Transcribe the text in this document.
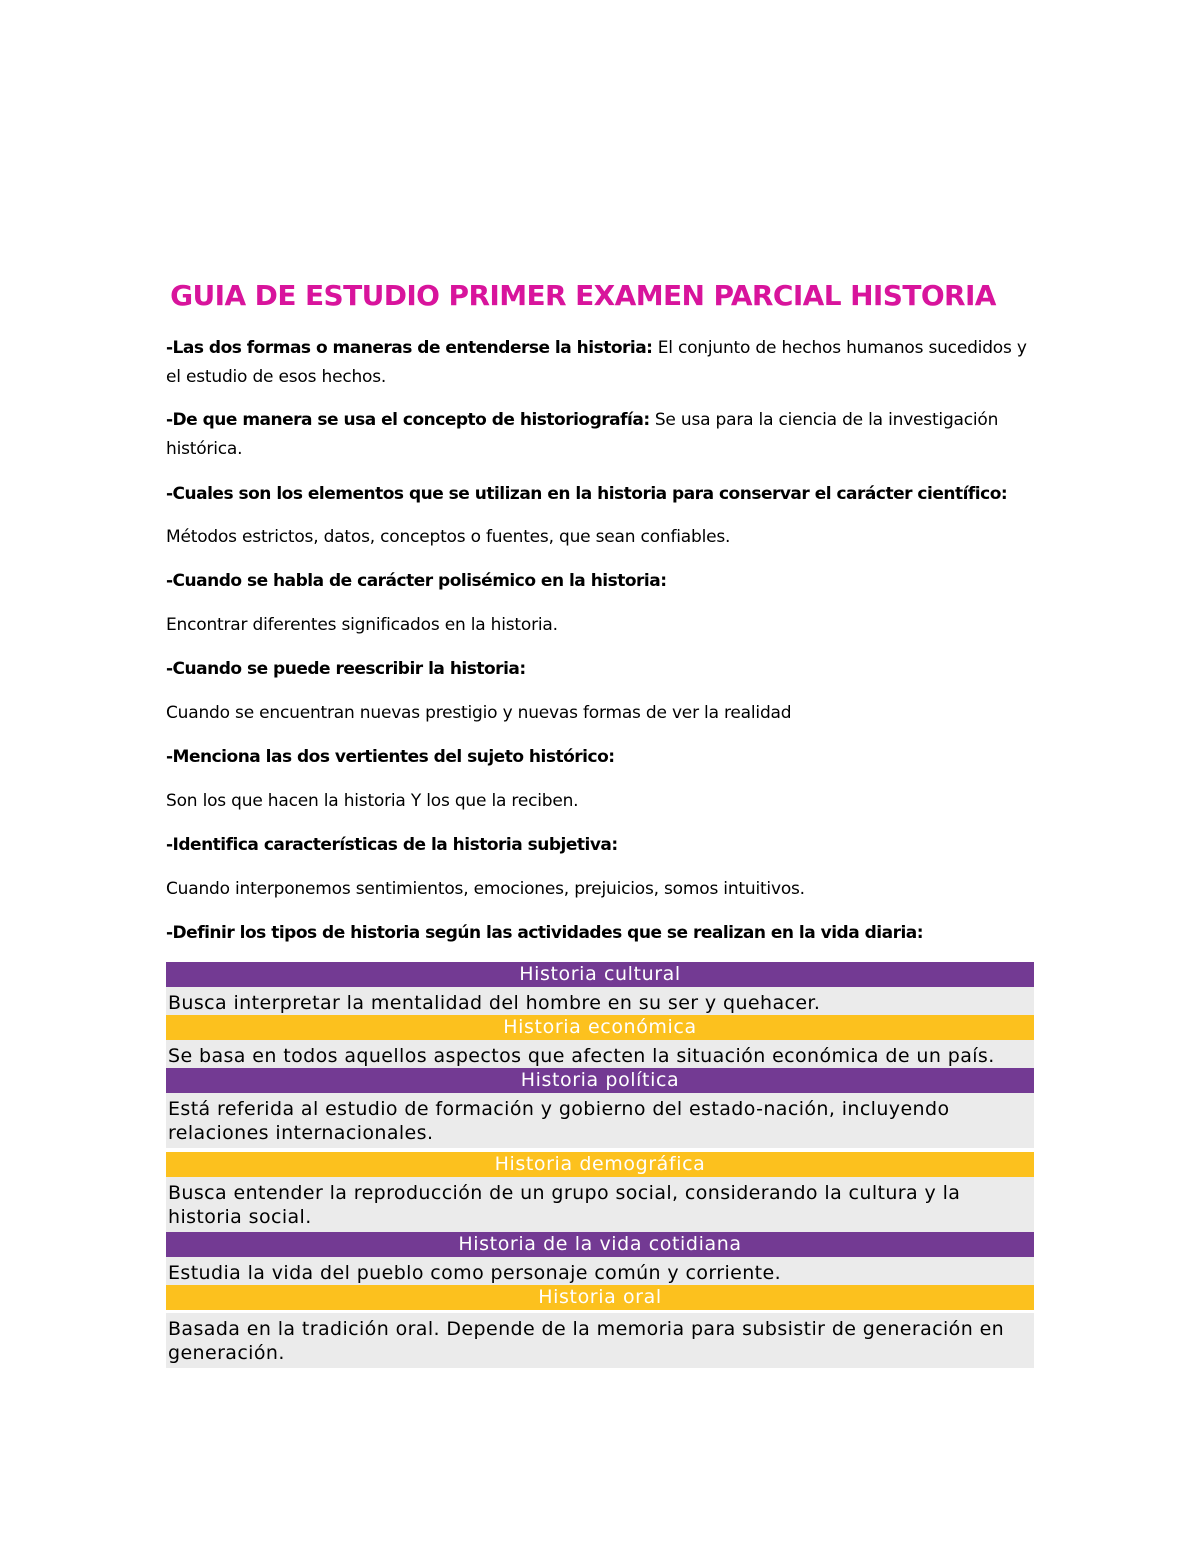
GUIA DE ESTUDIO PRIMER EXAMEN PARCIAL HISTORIA
-Las dos formas o maneras de entenderse la historia: El conjunto de hechos humanos sucedidos y el estudio de esos hechos.
-De que manera se usa el concepto de historiografía: Se usa para la ciencia de la investigación histórica.
-Cuales son los elementos que se utilizan en la historia para conservar el carácter científico:
Métodos estrictos, datos, conceptos o fuentes, que sean confiables.
-Cuando se habla de carácter polisémico en la historia:
Encontrar diferentes significados en la historia.
-Cuando se puede reescribir la historia:
Cuando se encuentran nuevas prestigio y nuevas formas de ver la realidad
-Menciona las dos vertientes del sujeto histórico:
Son los que hacen la historia Y los que la reciben.
-Identifica características de la historia subjetiva:
Cuando interponemos sentimientos, emociones, prejuicios, somos intuitivos.
-Definir los tipos de historia según las actividades que se realizan en la vida diaria:
Historia cultural
Busca interpretar la mentalidad del hombre en su ser y quehacer.
Historia económica
Se basa en todos aquellos aspectos que afecten la situación económica de un país.
Historia política
Está referida al estudio de formación y gobierno del estado-nación, incluyendo relaciones internacionales.
Historia demográfica
Busca entender la reproducción de un grupo social, considerando la cultura y la historia social.
Historia de la vida cotidiana
Estudia la vida del pueblo como personaje común y corriente.
Historia oral
Basada en la tradición oral. Depende de la memoria para subsistir de generación en generación.
